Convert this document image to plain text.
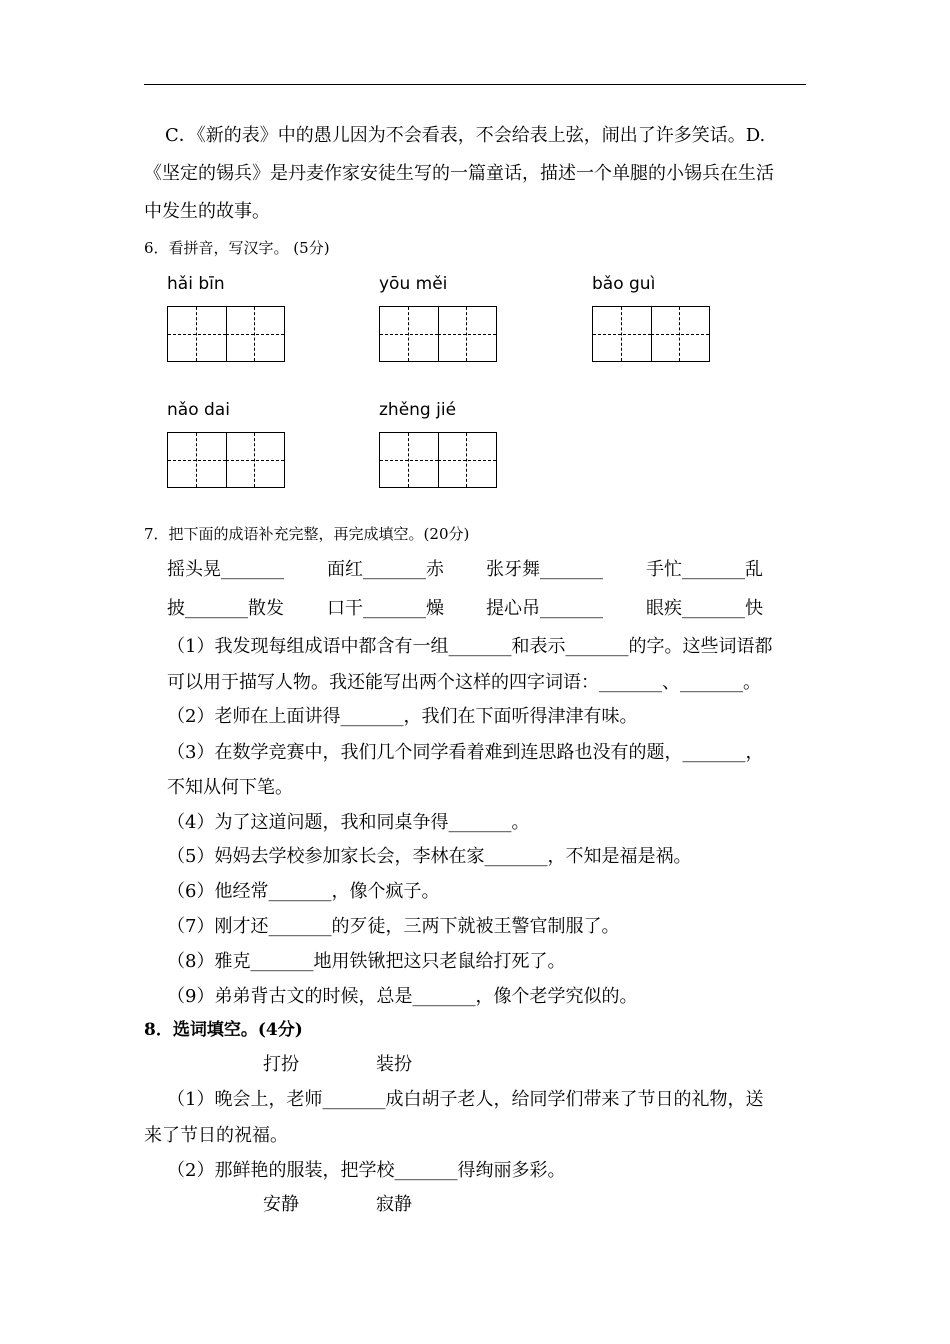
C．《新的表》中的愚儿因为不会看表，不会给表上弦，闹出了许多笑话。D.
《坚定的锡兵》是丹麦作家安徒生写的一篇童话，描述一个单腿的小锡兵在生活
中发生的故事。
6．看拼音，写汉字。 (5分)
hǎi bīn	yōu měi	bǎo guì
nǎo dai	zhěng jié
7．把下面的成语补充完整，再完成填空。(20分)
摇头晃_______ 面红_______赤 张牙舞_______ 手忙_______乱
披_______散发 口干_______燥 提心吊_______ 眼疾_______快
（1）我发现每组成语中都含有一组_______和表示_______的字。这些词语都
可以用于描写人物。我还能写出两个这样的四字词语：_______、_______。
（2）老师在上面讲得_______，我们在下面听得津津有味。
（3）在数学竞赛中，我们几个同学看着难到连思路也没有的题，_______，
不知从何下笔。
（4）为了这道问题，我和同桌争得_______。
（5）妈妈去学校参加家长会，李林在家_______，不知是福是祸。
（6）他经常_______，像个疯子。
（7）刚才还_______的歹徒，三两下就被王警官制服了。
（8）雅克_______地用铁锹把这只老鼠给打死了。
（9）弟弟背古文的时候，总是_______，像个老学究似的。
8．选词填空。(4分)
打扮	装扮
（1）晚会上，老师_______成白胡子老人，给同学们带来了节日的礼物，送
来了节日的祝福。
（2）那鲜艳的服装，把学校_______得绚丽多彩。
安静	寂静
